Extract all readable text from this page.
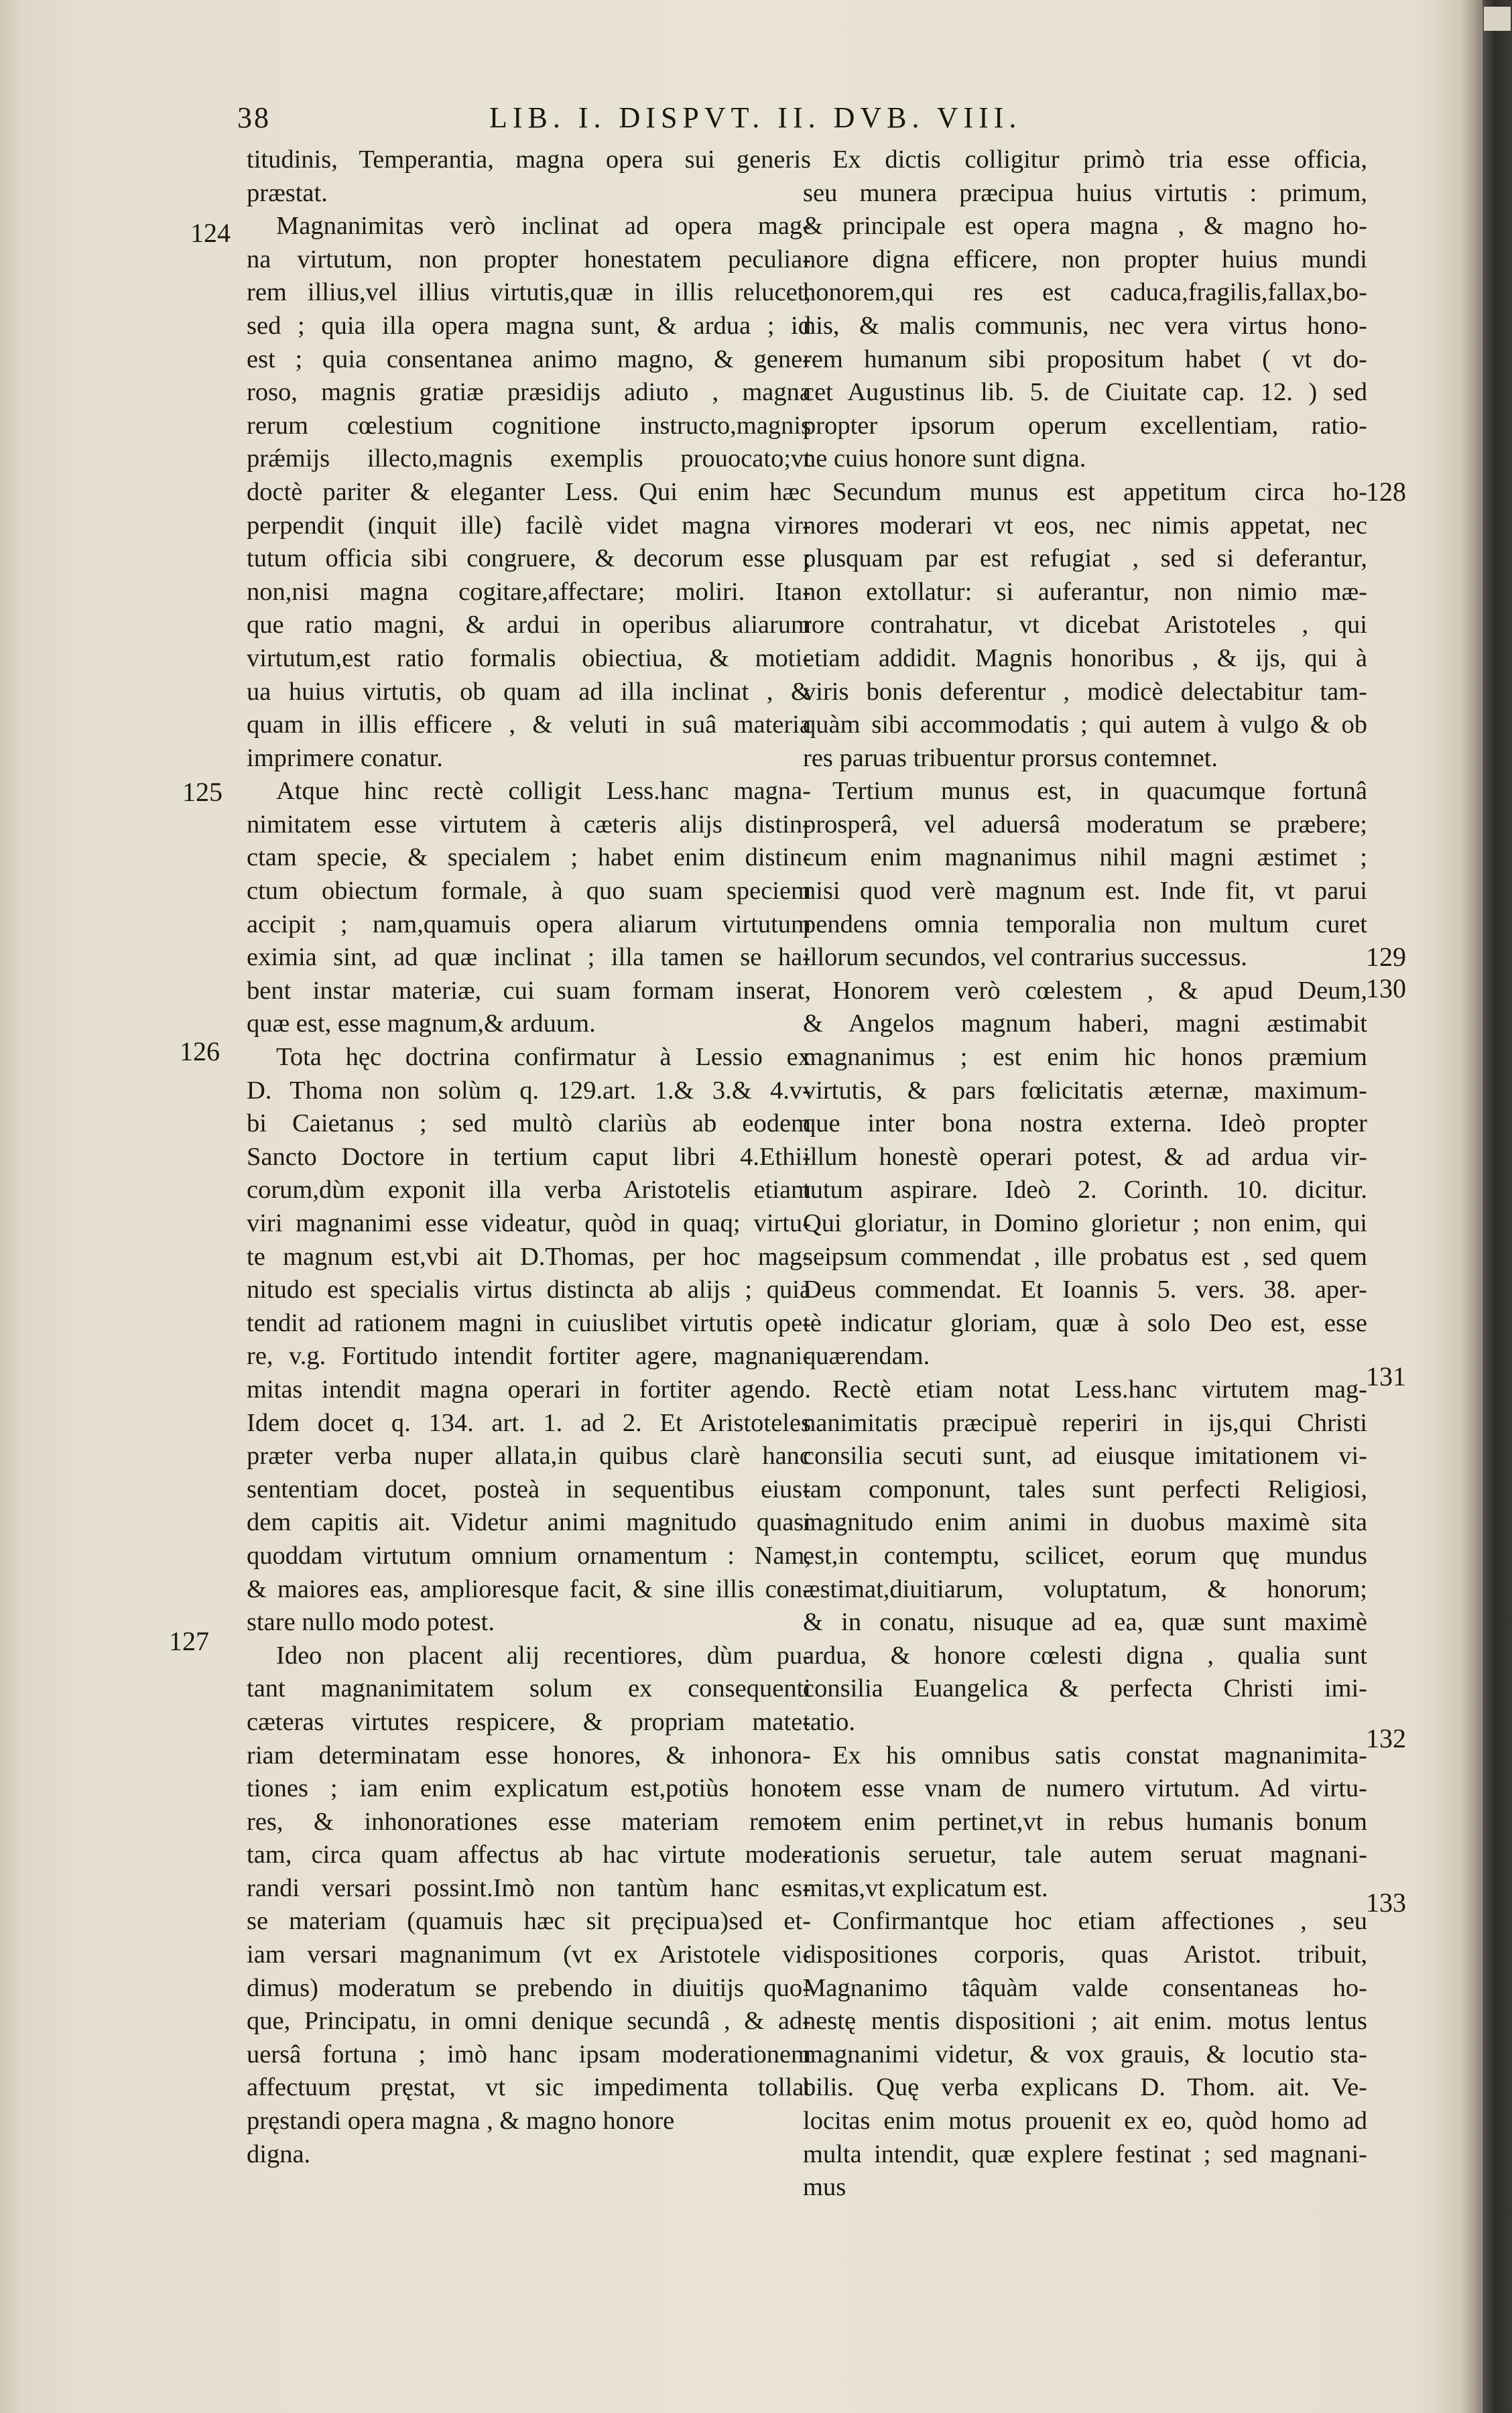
38	LIB. I. DISPVT. II. DVB. VIII.
titudinis, Temperantia, magna opera sui generis
præstat.
Magnanimitas verò inclinat ad opera mag-
na virtutum, non propter honestatem peculia-
rem illius,vel illius virtutis,quæ in illis relucet,
sed ; quia illa opera magna sunt, & ardua ; id
est ; quia consentanea animo magno, & gene-
roso, magnis gratiæ præsidijs adiuto , magna
rerum cœlestium cognitione instructo,magnis
prǽmijs illecto,magnis exemplis prouocato;vt
doctè pariter & eleganter Less. Qui enim hæc
perpendit (inquit ille) facilè videt magna vir-
tutum officia sibi congruere, & decorum esse ;
non,nisi magna cogitare,affectare; moliri. Ita-
que ratio magni, & ardui in operibus aliarum
virtutum,est ratio formalis obiectiua, & moti-
ua huius virtutis, ob quam ad illa inclinat , &
quam in illis efficere , & veluti in suâ materia
imprimere conatur.
Atque hinc rectè colligit Less.hanc magna-
nimitatem esse virtutem à cæteris alijs distin-
ctam specie, & specialem ; habet enim distin-
ctum obiectum formale, à quo suam speciem
accipit ; nam,quamuis opera aliarum virtutum
eximia sint, ad quæ inclinat ; illa tamen se ha-
bent instar materiæ, cui suam formam inserat,
quæ est, esse magnum,& arduum.
Tota hęc doctrina confirmatur à Lessio ex
D. Thoma non solùm q. 129.art. 1.& 3.& 4.v-
bi Caietanus ; sed multò clariùs ab eodem
Sancto Doctore in tertium caput libri 4.Ethi-
corum,dùm exponit illa verba Aristotelis etiam
viri magnanimi esse videatur, quòd in quaq; virtu-
te magnum est,vbi ait D.Thomas, per hoc mag-
nitudo est specialis virtus distincta ab alijs ; quia
tendit ad rationem magni in cuiuslibet virtutis ope-
re, v.g. Fortitudo intendit fortiter agere, magnani-
mitas intendit magna operari in fortiter agendo.
Idem docet q. 134. art. 1. ad 2. Et Aristoteles
præter verba nuper allata,in quibus clarè hanc
sententiam docet, posteà in sequentibus eius-
dem capitis ait. Videtur animi magnitudo quasi
quoddam virtutum omnium ornamentum : Nam,
& maiores eas, amplioresque facit, & sine illis con-
stare nullo modo potest.
Ideo non placent alij recentiores, dùm pu-
tant magnanimitatem solum ex consequenti
cæteras virtutes respicere, & propriam mate-
riam determinatam esse honores, & inhonora-
tiones ; iam enim explicatum est,potiùs hono-
res, & inhonorationes esse materiam remo-
tam, circa quam affectus ab hac virtute mode-
randi versari possint.Imò non tantùm hanc es-
se materiam (quamuis hæc sit pręcipua)sed et-
iam versari magnanimum (vt ex Aristotele vi-
dimus) moderatum se prebendo in diuitijs quo-
que, Principatu, in omni denique secundâ , & ad-
uersâ fortuna ; imò hanc ipsam moderationem
affectuum pręstat, vt sic impedimenta tollat
pręstandi opera magna , & magno honore
digna.
Ex dictis colligitur primò tria esse officia,
seu munera præcipua huius virtutis : primum,
& principale est opera magna , & magno ho-
nore digna efficere, non propter huius mundi
honorem,qui res est caduca,fragilis,fallax,bo-
nis, & malis communis, nec vera virtus hono-
rem humanum sibi propositum habet ( vt do-
cet Augustinus lib. 5. de Ciuitate cap. 12. ) sed
propter ipsorum operum excellentiam, ratio-
ne cuius honore sunt digna.
Secundum munus est appetitum circa ho-
nores moderari vt eos, nec nimis appetat, nec
plusquam par est refugiat , sed si deferantur,
non extollatur: si auferantur, non nimio mæ-
rore contrahatur, vt dicebat Aristoteles , qui
etiam addidit. Magnis honoribus , & ijs, qui à
viris bonis deferentur , modicè delectabitur tam-
quàm sibi accommodatis ; qui autem à vulgo & ob
res paruas tribuentur prorsus contemnet.
Tertium munus est, in quacumque fortunâ
prosperâ, vel aduersâ moderatum se præbere;
cum enim magnanimus nihil magni æstimet ;
nisi quod verè magnum est. Inde fit, vt parui
pendens omnia temporalia non multum curet
illorum secundos, vel contrarius successus.
Honorem verò cœlestem , & apud Deum,
& Angelos magnum haberi, magni æstimabit
magnanimus ; est enim hic honos præmium
virtutis, & pars fœlicitatis æternæ, maximum-
que inter bona nostra externa. Ideò propter
illum honestè operari potest, & ad ardua vir-
tutum aspirare. Ideò 2. Corinth. 10. dicitur.
Qui gloriatur, in Domino glorietur ; non enim, qui
seipsum commendat , ille probatus est , sed quem
Deus commendat. Et Ioannis 5. vers. 38. aper-
tè indicatur gloriam, quæ à solo Deo est, esse
quærendam.
Rectè etiam notat Less.hanc virtutem mag-
nanimitatis præcipuè reperiri in ijs,qui Christi
consilia secuti sunt, ad eiusque imitationem vi-
tam componunt, tales sunt perfecti Religiosi,
magnitudo enim animi in duobus maximè sita
est,in contemptu, scilicet, eorum quę mundus
æstimat,diuitiarum, voluptatum, & honorum;
& in conatu, nisuque ad ea, quæ sunt maximè
ardua, & honore cœlesti digna , qualia sunt
consilia Euangelica & perfecta Christi imi-
tatio.
Ex his omnibus satis constat magnanimita-
tem esse vnam de numero virtutum. Ad virtu-
tem enim pertinet,vt in rebus humanis bonum
rationis seruetur, tale autem seruat magnani-
mitas,vt explicatum est.
Confirmantque hoc etiam affectiones , seu
dispositiones corporis, quas Aristot. tribuit,
Magnanimo tâquàm valde consentaneas ho-
nestę mentis dispositioni ; ait enim. motus lentus
magnanimi videtur, & vox grauis, & locutio sta-
bilis. Quę verba explicans D. Thom. ait. Ve-
locitas enim motus prouenit ex eo, quòd homo ad
multa intendit, quæ explere festinat ; sed magnani-
mus
124
125
126
127
128
129
130
131
132
133
